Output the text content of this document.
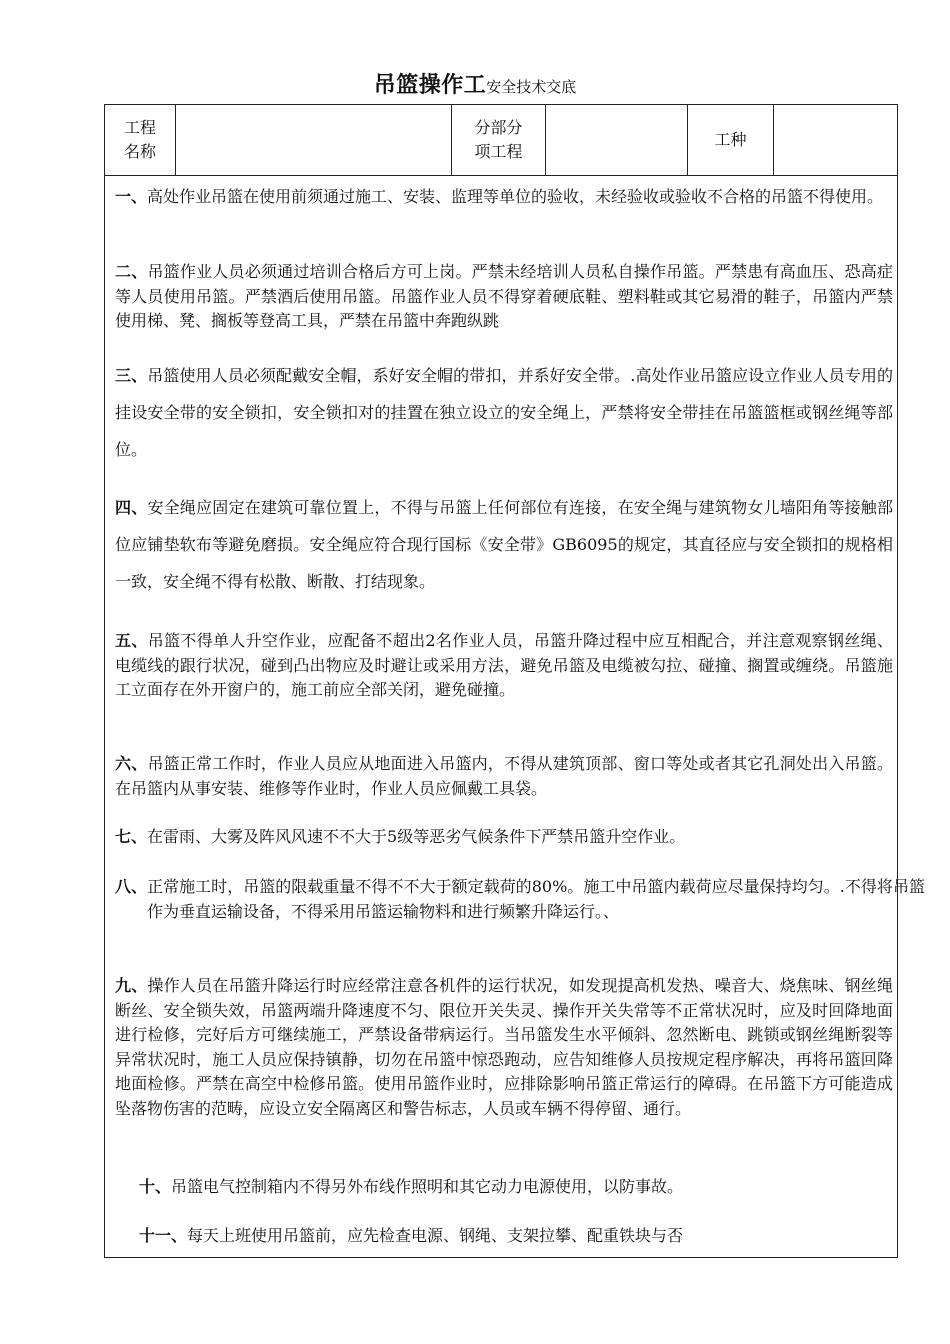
吊篮操作工安全技术交底
工程
名称
分部分
项工程
工种
一、高处作业吊篮在使用前须通过施工、安装、监理等单位的验收，未经验收或验收不合格的吊篮不得使用。
二、吊篮作业人员必须通过培训合格后方可上岗。严禁未经培训人员私自操作吊篮。严禁患有高血压、恐高症等人员使用吊篮。严禁酒后使用吊篮。吊篮作业人员不得穿着硬底鞋、塑料鞋或其它易滑的鞋子，吊篮内严禁使用梯、凳、搁板等登高工具，严禁在吊篮中奔跑纵跳
三、吊篮使用人员必须配戴安全帽，系好安全帽的带扣，并系好安全带。.高处作业吊篮应设立作业人员专用的挂设安全带的安全锁扣，安全锁扣对的挂置在独立设立的安全绳上，严禁将安全带挂在吊篮篮框或钢丝绳等部位。
四、安全绳应固定在建筑可靠位置上，不得与吊篮上任何部位有连接，在安全绳与建筑物女儿墙阳角等接触部位应铺垫软布等避免磨损。安全绳应符合现行国标《安全带》GB6095的规定，其直径应与安全锁扣的规格相一致，安全绳不得有松散、断散、打结现象。
五、吊篮不得单人升空作业，应配备不超出2名作业人员，吊篮升降过程中应互相配合，并注意观察钢丝绳、电缆线的跟行状况，碰到凸出物应及时避让或采用方法，避免吊篮及电缆被勾拉、碰撞、搁置或缠绕。吊篮施工立面存在外开窗户的，施工前应全部关闭，避免碰撞。
六、吊篮正常工作时，作业人员应从地面进入吊篮内，不得从建筑顶部、窗口等处或者其它孔洞处出入吊篮。在吊篮内从事安装、维修等作业时，作业人员应佩戴工具袋。
七、在雷雨、大雾及阵风风速不不大于5级等恶劣气候条件下严禁吊篮升空作业。
八、正常施工时，吊篮的限载重量不得不不大于额定载荷的80%。施工中吊篮内载荷应尽量保持均匀。.不得将吊篮作为垂直运输设备，不得采用吊篮运输物料和进行频繁升降运行。、
九、操作人员在吊篮升降运行时应经常注意各机件的运行状况，如发现提高机发热、噪音大、烧焦味、钢丝绳断丝、安全锁失效，吊篮两端升降速度不匀、限位开关失灵、操作开关失常等不正常状况时，应及时回降地面进行检修，完好后方可继续施工，严禁设备带病运行。当吊篮发生水平倾斜、忽然断电、跳锁或钢丝绳断裂等异常状况时，施工人员应保持镇静，切勿在吊篮中惊恐跑动，应告知维修人员按规定程序解决，再将吊篮回降地面检修。严禁在高空中检修吊篮。使用吊篮作业时，应排除影响吊篮正常运行的障碍。在吊篮下方可能造成坠落物伤害的范畴，应设立安全隔离区和警告标志，人员或车辆不得停留、通行。
十、吊篮电气控制箱内不得另外布线作照明和其它动力电源使用，以防事故。
十一、每天上班使用吊篮前，应先检查电源、钢绳、支架拉攀、配重铁块与否
